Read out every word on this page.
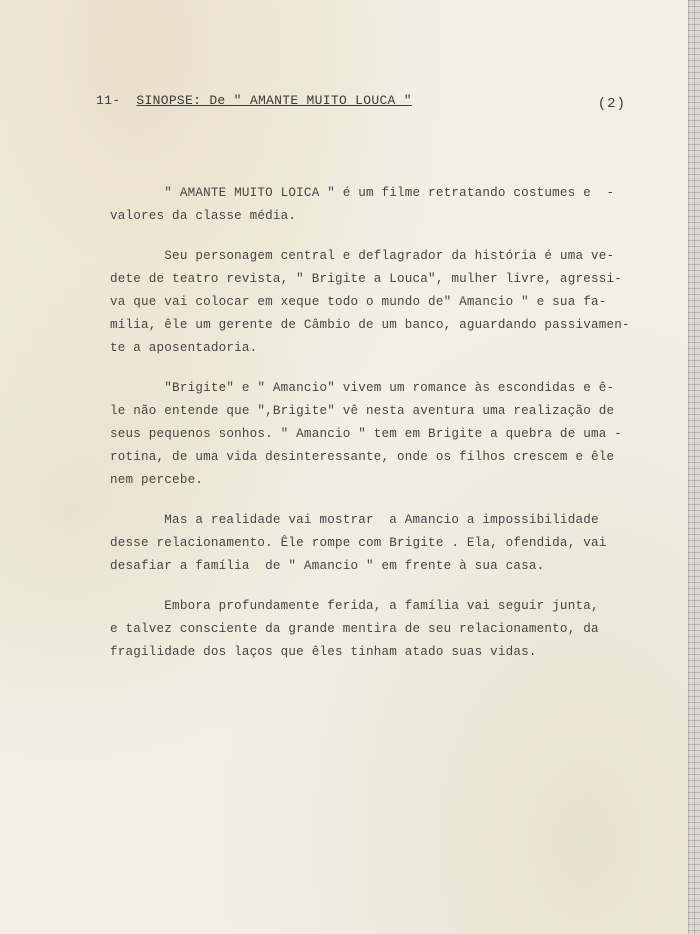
11- SINOPSE: De " AMANTE MUITO LOUCA "	(2)

" AMANTE MUITO LOICA " é um filme retratando costumes e  -
valores da classe média.

Seu personagem central e deflagrador da história é uma ve-
dete de teatro revista, " Brigite a Louca", mulher livre, agressi-
va que vai colocar em xeque todo o mundo de" Amancio " e sua fa-
mília, êle um gerente de Câmbio de um banco, aguardando passivamen-
te a aposentadoria.

"Brigite" e " Amancio" vivem um romance às escondidas e ê-
le não entende que ",Brigite" vê nesta aventura uma realização de
seus pequenos sonhos. " Amancio " tem em Brigite a quebra de uma -
rotina, de uma vida desinteressante, onde os filhos crescem e êle
nem percebe.

Mas a realidade vai mostrar  a Amancio a impossibilidade
desse relacionamento. Êle rompe com Brigite . Ela, ofendida, vai
desafiar a família  de " Amancio " em frente à sua casa.

Embora profundamente ferida, a família vai seguir junta,
e talvez consciente da grande mentira de seu relacionamento, da
fragilidade dos laços que êles tinham atado suas vidas.
